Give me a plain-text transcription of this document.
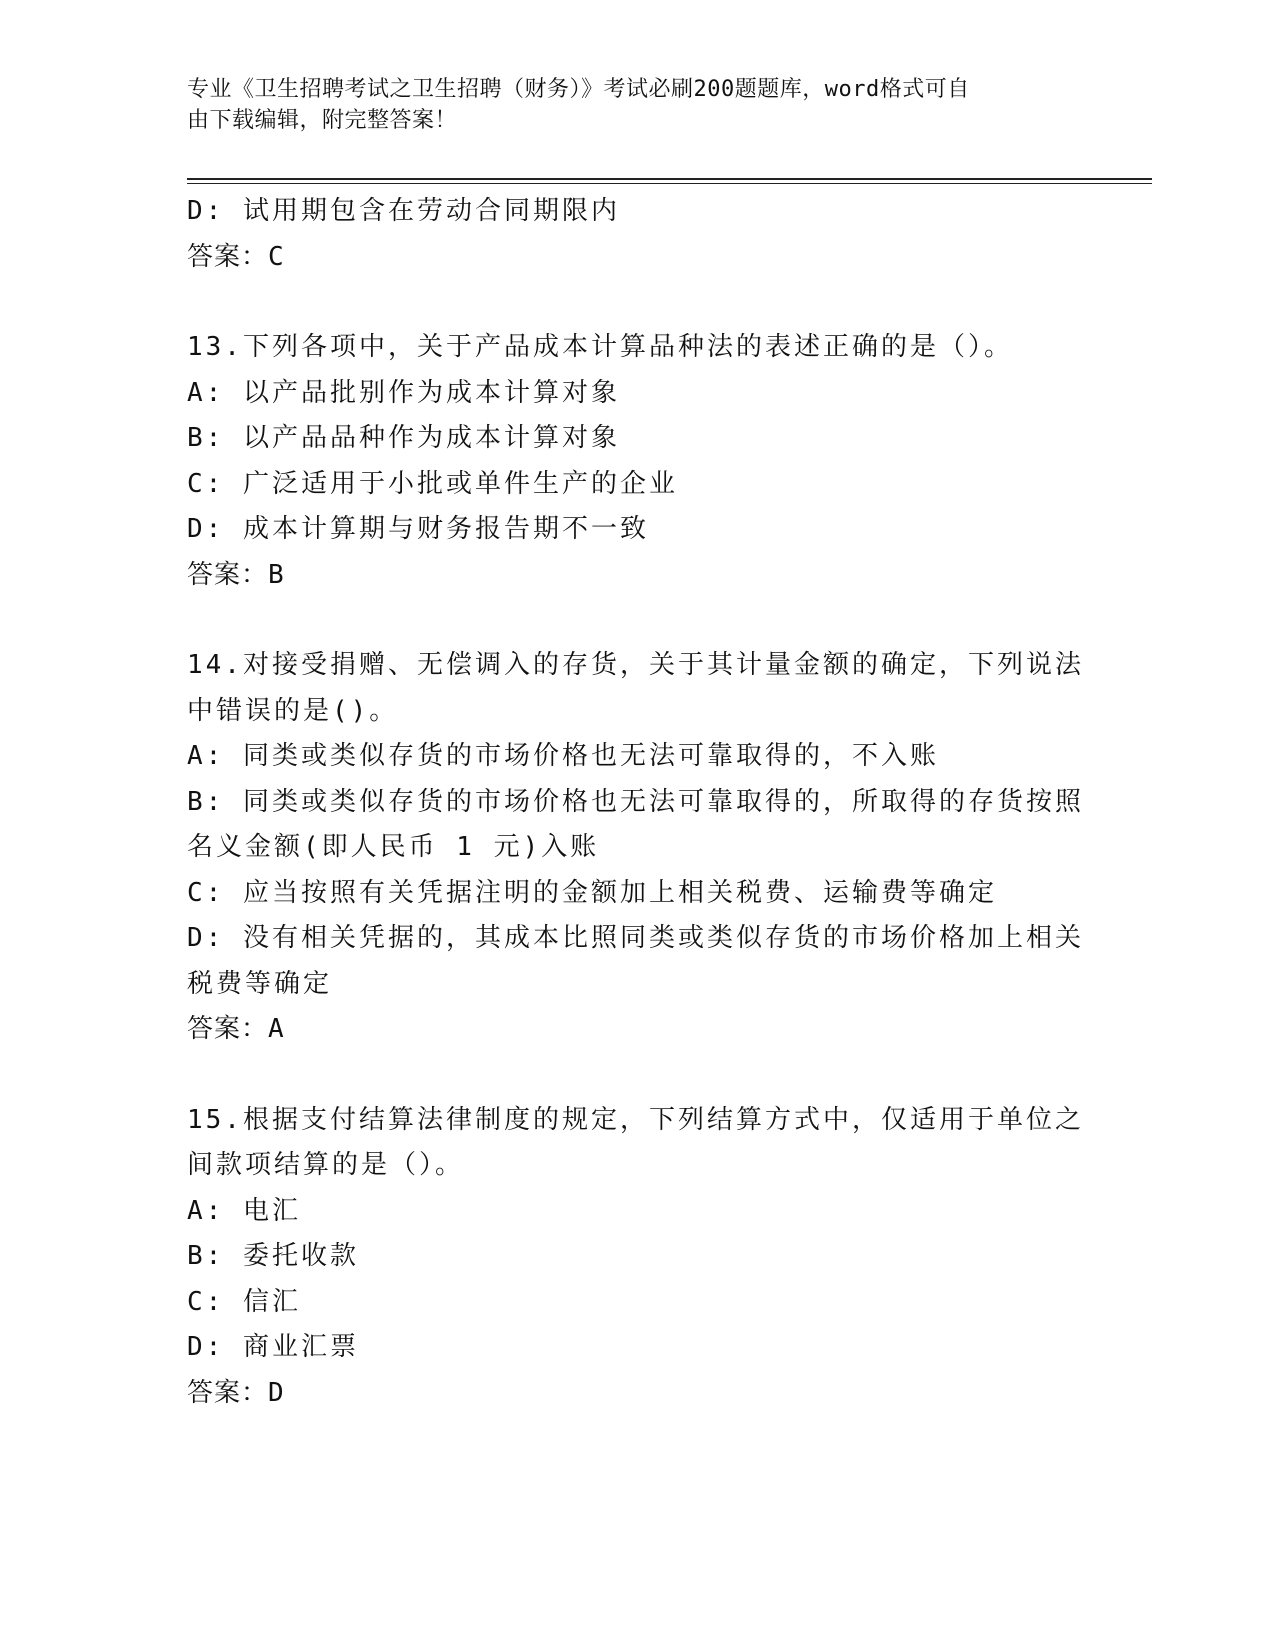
专业《卫生招聘考试之卫生招聘（财务）》考试必刷200题题库，word格式可自
由下载编辑，附完整答案！
D: 试用期包含在劳动合同期限内
答案：C
13.下列各项中，关于产品成本计算品种法的表述正确的是（）。
A: 以产品批别作为成本计算对象
B: 以产品品种作为成本计算对象
C: 广泛适用于小批或单件生产的企业
D: 成本计算期与财务报告期不一致
答案：B
14.对接受捐赠、无偿调入的存货，关于其计量金额的确定，下列说法
中错误的是()。
A: 同类或类似存货的市场价格也无法可靠取得的，不入账
B: 同类或类似存货的市场价格也无法可靠取得的，所取得的存货按照
名义金额(即人民币 1 元)入账
C: 应当按照有关凭据注明的金额加上相关税费、运输费等确定
D: 没有相关凭据的，其成本比照同类或类似存货的市场价格加上相关
税费等确定
答案：A
15.根据支付结算法律制度的规定，下列结算方式中，仅适用于单位之
间款项结算的是（）。
A: 电汇
B: 委托收款
C: 信汇
D: 商业汇票
答案：D
